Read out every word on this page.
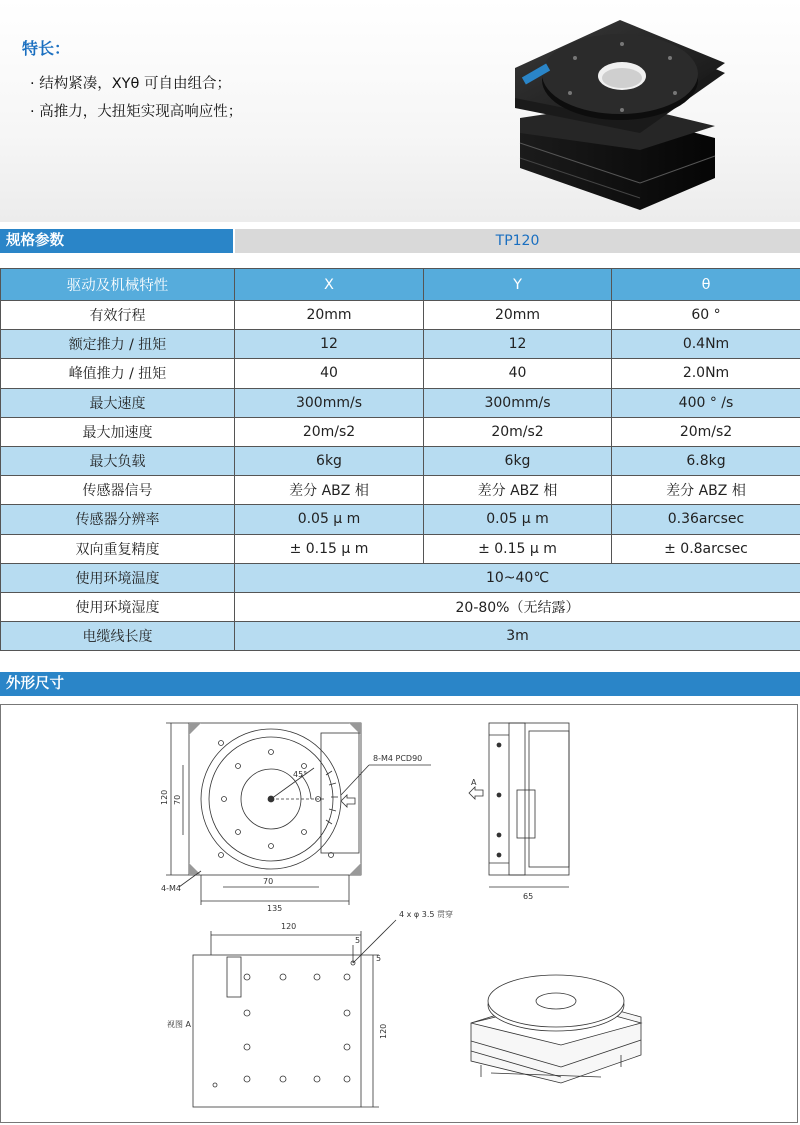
特长：
· 结构紧凑，XYθ 可自由组合；
· 高推力，大扭矩实现高响应性；
规格参数	TP120
驱动及机械特性	X	Y	θ
有效行程	20mm	20mm	60 °
额定推力 / 扭矩	12	12	0.4Nm
峰值推力 / 扭矩	40	40	2.0Nm
最大速度	300mm/s	300mm/s	400 ° /s
最大加速度	20m/s2	20m/s2	20m/s2
最大负载	6kg	6kg	6.8kg
传感器信号	差分 ABZ 相	差分 ABZ 相	差分 ABZ 相
传感器分辨率	0.05 μ m	0.05 μ m	0.36arcsec
双向重复精度	± 0.15 μ m	± 0.15 μ m	± 0.8arcsec
使用环境温度	10~40℃		
使用环境湿度	20-80%（无结露）		
电缆线长度	3m		
外形尺寸
120 70
45°
8-M4 PCD90
4-M4
70
135
A
65
120
4 x φ 3.5 贯穿
5
5
视图 A	120
